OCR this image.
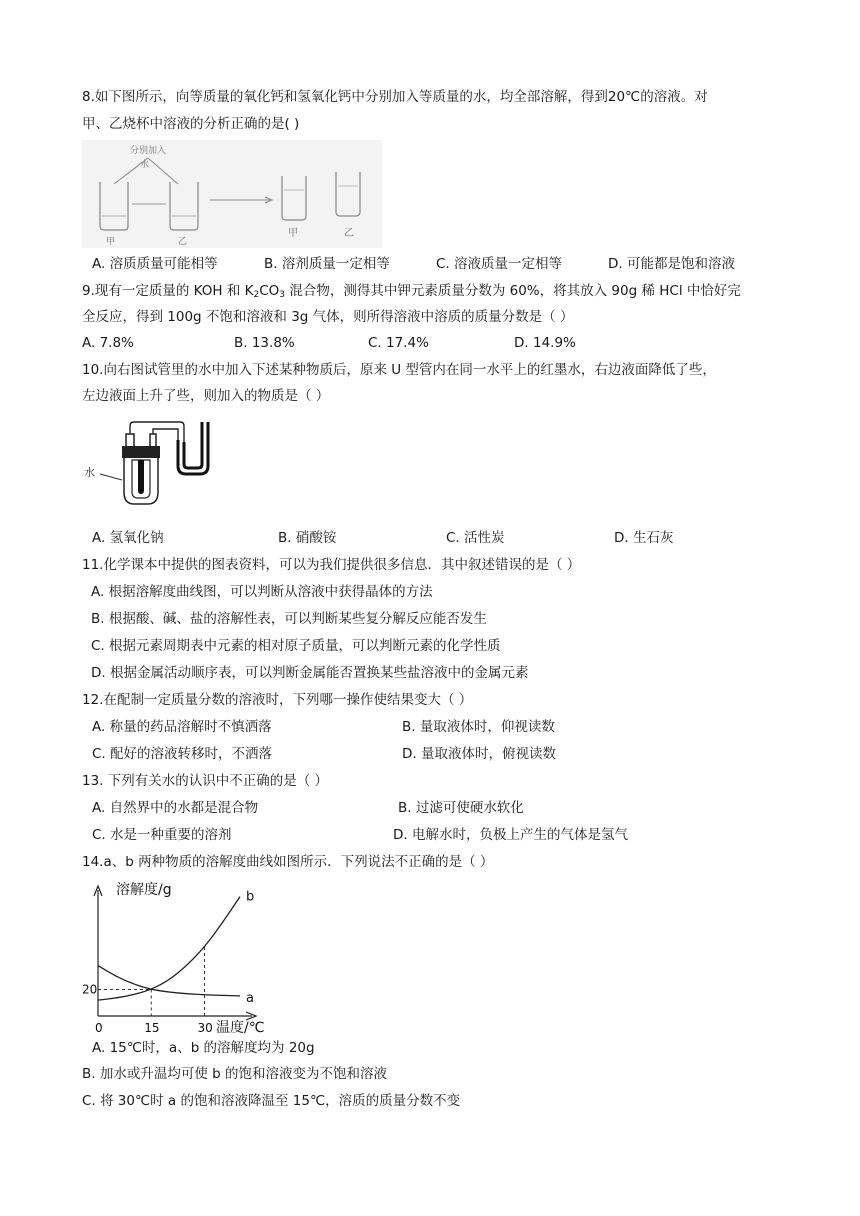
8.如下图所示，向等质量的氧化钙和氢氧化钙中分别加入等质量的水，均全部溶解，得到20℃的溶液。对
甲、乙烧杯中溶液的分析正确的是( )
分别加入
水
甲	乙
甲	乙
A. 溶质质量可能相等	B. 溶剂质量一定相等	C. 溶液质量一定相等	D. 可能都是饱和溶液
9.现有一定质量的 KOH 和 $K_2CO_3$ 混合物，测得其中钾元素质量分数为 60%，将其放入 90g 稀 HCl 中恰好完
全反应，得到 100g 不饱和溶液和 3g 气体，则所得溶液中溶质的质量分数是（ ）
A. 7.8%	B. 13.8%	C. 17.4%	D. 14.9%
10.向右图试管里的水中加入下述某种物质后，原来 U 型管内在同一水平上的红墨水，右边液面降低了些，
左边液面上升了些，则加入的物质是（ ）
水
A. 氢氧化钠	B. 硝酸铵	C. 活性炭	D. 生石灰
11.化学课本中提供的图表资料，可以为我们提供很多信息．其中叙述错误的是（ ）
A. 根据溶解度曲线图，可以判断从溶液中获得晶体的方法
B. 根据酸、碱、盐的溶解性表，可以判断某些复分解反应能否发生
C. 根据元素周期表中元素的相对原子质量，可以判断元素的化学性质
D. 根据金属活动顺序表，可以判断金属能否置换某些盐溶液中的金属元素
12.在配制一定质量分数的溶液时，下列哪一操作使结果变大（ ）
A. 称量的药品溶解时不慎洒落	B. 量取液体时，仰视读数
C. 配好的溶液转移时，不洒落	D. 量取液体时，俯视读数
13. 下列有关水的认识中不正确的是（ ）
A. 自然界中的水都是混合物	B. 过滤可使硬水软化
C. 水是一种重要的溶剂	D. 电解水时，负极上产生的气体是氢气
14.a、b 两种物质的溶解度曲线如图所示．下列说法不正确的是（ ）
a
b
溶解度/g
温度/℃
0	15	30
20
A. 15℃时，a、b 的溶解度均为 20g
B. 加水或升温均可使 b 的饱和溶液变为不饱和溶液
C. 将 30℃时 a 的饱和溶液降温至 15℃，溶质的质量分数不变
